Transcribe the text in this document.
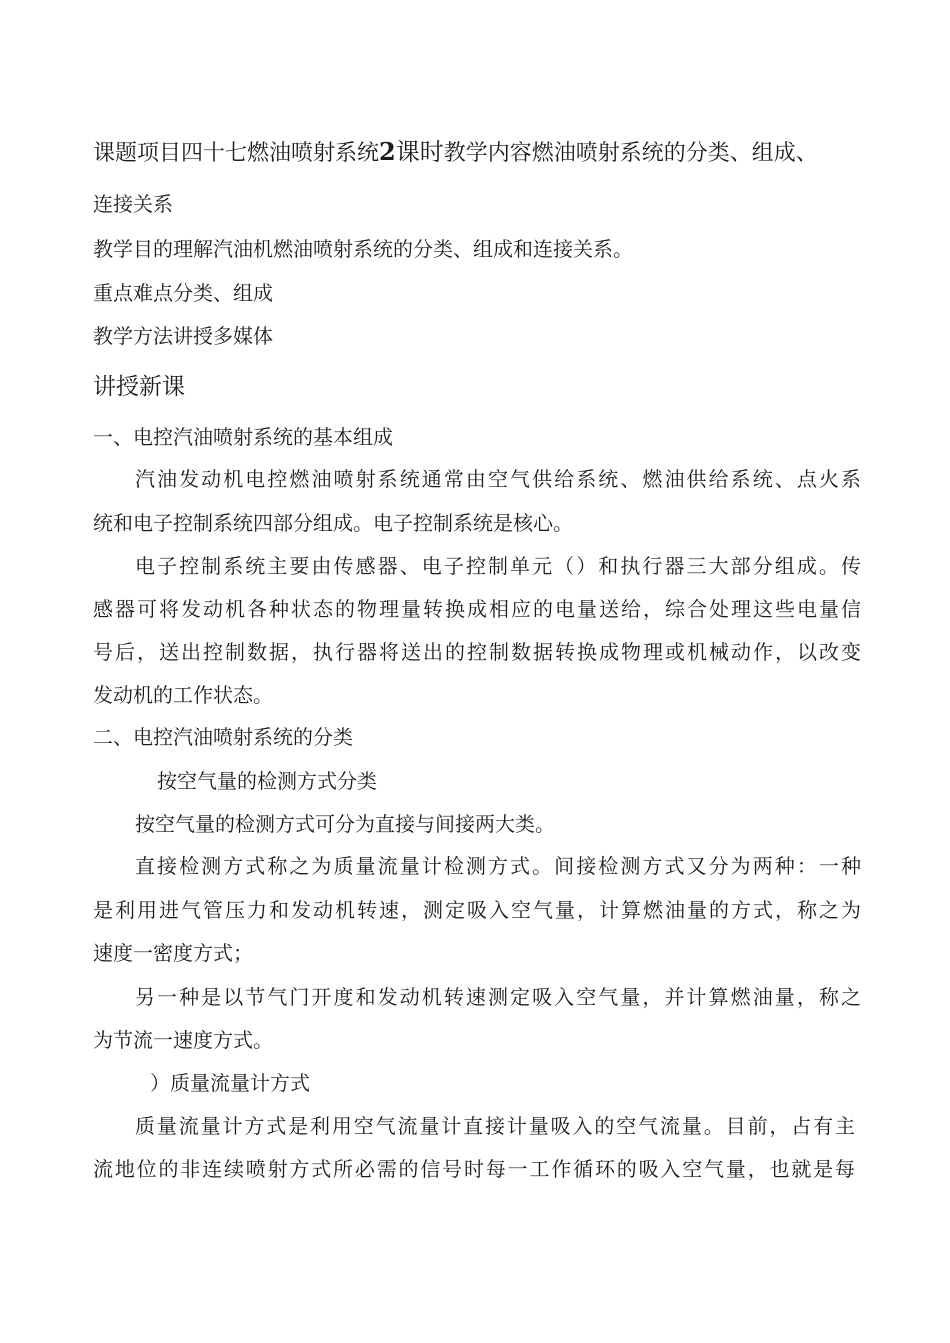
课题项目四十七燃油喷射系统2课时教学内容燃油喷射系统的分类、组成、
连接关系
教学目的理解汽油机燃油喷射系统的分类、组成和连接关系。
重点难点分类、组成
教学方法讲授多媒体
讲授新课
一、电控汽油喷射系统的基本组成
汽油发动机电控燃油喷射系统通常由空气供给系统、燃油供给系统、点火系
统和电子控制系统四部分组成。电子控制系统是核心。
电子控制系统主要由传感器、电子控制单元（）和执行器三大部分组成。传
感器可将发动机各种状态的物理量转换成相应的电量送给，综合处理这些电量信
号后，送出控制数据，执行器将送出的控制数据转换成物理或机械动作，以改变
发动机的工作状态。
二、电控汽油喷射系统的分类
按空气量的检测方式分类
按空气量的检测方式可分为直接与间接两大类。
直接检测方式称之为质量流量计检测方式。间接检测方式又分为两种：一种
是利用进气管压力和发动机转速，测定吸入空气量，计算燃油量的方式，称之为
速度一密度方式；
另一种是以节气门开度和发动机转速测定吸入空气量，并计算燃油量，称之
为节流一速度方式。
）质量流量计方式
质量流量计方式是利用空气流量计直接计量吸入的空气流量。目前，占有主
流地位的非连续喷射方式所必需的信号时每一工作循环的吸入空气量，也就是每
